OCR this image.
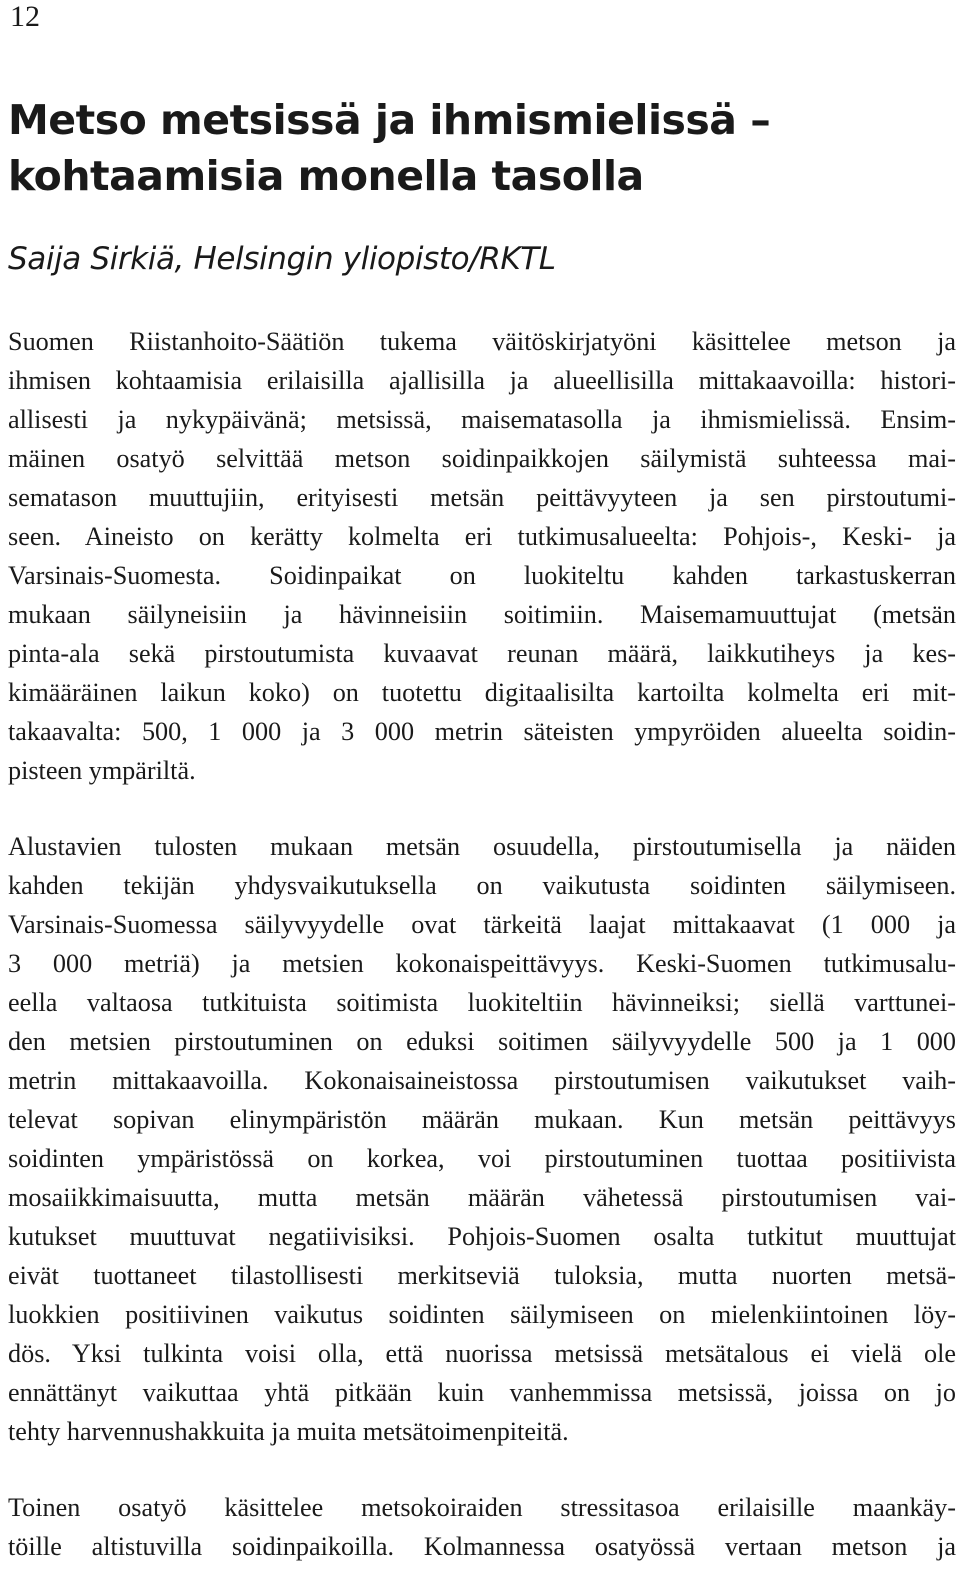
12
Metso metsissä ja ihmismielissä –
kohtaamisia monella tasolla
Saija Sirkiä, Helsingin yliopisto/RKTL
Suomen Riistanhoito-Säätiön tukema väitöskirjatyöni käsittelee metson ja
ihmisen kohtaamisia erilaisilla ajallisilla ja alueellisilla mittakaavoilla: histori-
allisesti ja nykypäivänä; metsissä, maisematasolla ja ihmismielissä. Ensim-
mäinen osatyö selvittää metson soidinpaikkojen säilymistä suhteessa mai-
sematason muuttujiin, erityisesti metsän peittävyyteen ja sen pirstoutumi-
seen. Aineisto on kerätty kolmelta eri tutkimusalueelta: Pohjois-, Keski- ja
Varsinais-Suomesta. Soidinpaikat on luokiteltu kahden tarkastuskerran
mukaan säilyneisiin ja hävinneisiin soitimiin. Maisemamuuttujat (metsän
pinta-ala sekä pirstoutumista kuvaavat reunan määrä, laikkutiheys ja kes-
kimääräinen laikun koko) on tuotettu digitaalisilta kartoilta kolmelta eri mit-
takaavalta: 500, 1 000 ja 3 000 metrin säteisten ympyröiden alueelta soidin-
pisteen ympäriltä.
Alustavien tulosten mukaan metsän osuudella, pirstoutumisella ja näiden
kahden tekijän yhdysvaikutuksella on vaikutusta soidinten säilymiseen.
Varsinais-Suomessa säilyvyydelle ovat tärkeitä laajat mittakaavat (1 000 ja
3 000 metriä) ja metsien kokonaispeittävyys. Keski-Suomen tutkimusalu-
eella valtaosa tutkituista soitimista luokiteltiin hävinneiksi; siellä varttunei-
den metsien pirstoutuminen on eduksi soitimen säilyvyydelle 500 ja 1 000
metrin mittakaavoilla. Kokonaisaineistossa pirstoutumisen vaikutukset vaih-
televat sopivan elinympäristön määrän mukaan. Kun metsän peittävyys
soidinten ympäristössä on korkea, voi pirstoutuminen tuottaa positiivista
mosaiikkimaisuutta, mutta metsän määrän vähetessä pirstoutumisen vai-
kutukset muuttuvat negatiivisiksi. Pohjois-Suomen osalta tutkitut muuttujat
eivät tuottaneet tilastollisesti merkitseviä tuloksia, mutta nuorten metsä-
luokkien positiivinen vaikutus soidinten säilymiseen on mielenkiintoinen löy-
dös. Yksi tulkinta voisi olla, että nuorissa metsissä metsätalous ei vielä ole
ennättänyt vaikuttaa yhtä pitkään kuin vanhemmissa metsissä, joissa on jo
tehty harvennushakkuita ja muita metsätoimenpiteitä.
Toinen osatyö käsittelee metsokoiraiden stressitasoa erilaisille maankäy-
töille altistuvilla soidinpaikoilla. Kolmannessa osatyössä vertaan metson ja
